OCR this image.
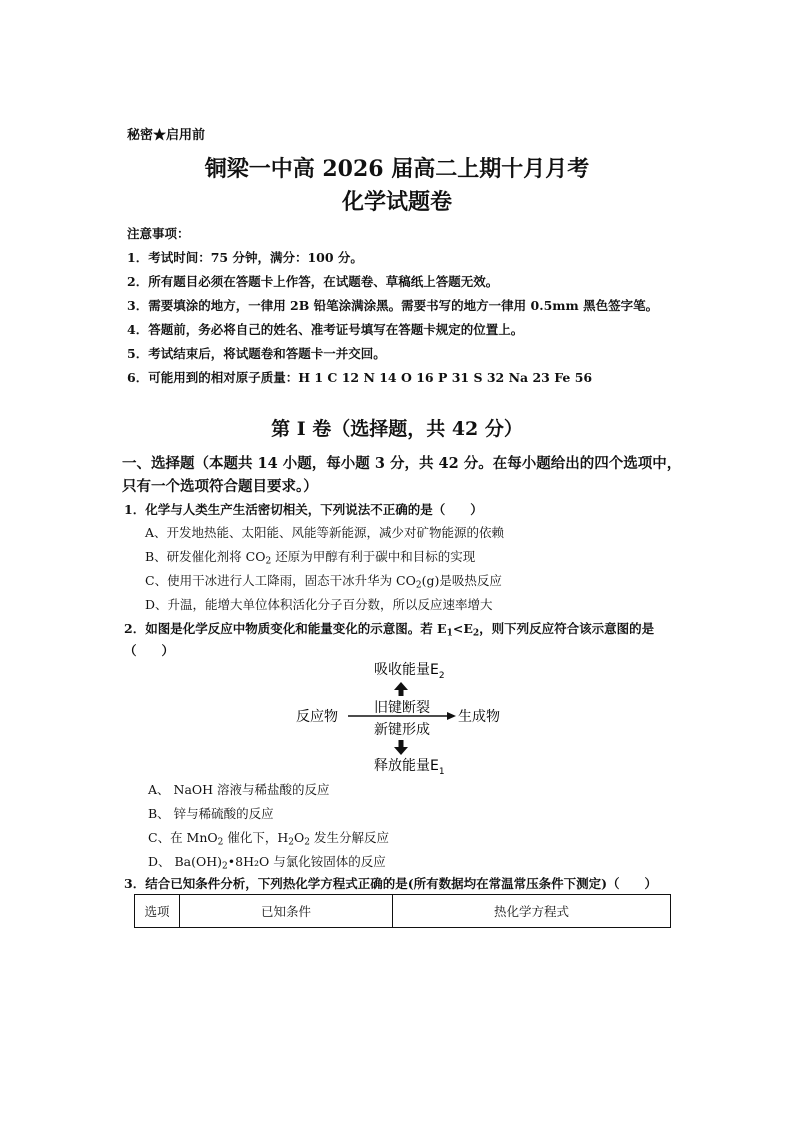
秘密★启用前
铜梁一中高 2026 届高二上期十月月考
化学试题卷
注意事项：
1．考试时间：75 分钟，满分：100 分。
2．所有题目必须在答题卡上作答，在试题卷、草稿纸上答题无效。
3．需要填涂的地方，一律用 2B 铅笔涂满涂黑。需要书写的地方一律用 0.5mm 黑色签字笔。
4．答题前，务必将自己的姓名、准考证号填写在答题卡规定的位置上。
5．考试结束后，将试题卷和答题卡一并交回。
6．可能用到的相对原子质量：H 1 C 12 N 14 O 16 P 31 S 32 Na 23 Fe 56
第 I 卷（选择题，共 42 分）
一、选择题（本题共 14 小题，每小题 3 分，共 42 分。在每小题给出的四个选项中，
只有一个选项符合题目要求。）
1．化学与人类生产生活密切相关，下列说法不正确的是（　　）
A、开发地热能、太阳能、风能等新能源，减少对矿物能源的依赖
B、研发催化剂将 $CO_2$ 还原为甲醇有利于碳中和目标的实现
C、使用干冰进行人工降雨，固态干冰升华为 $CO_2(g)$是吸热反应
D、升温，能增大单位体积活化分子百分数，所以反应速率增大
2．如图是化学反应中物质变化和能量变化的示意图。若 $E_1<E_2$，则下列反应符合该示意图的是
（　　）
吸收能量$E_2$
旧键断裂
反应物	生成物
新键形成
释放能量$E_1$
A、 NaOH 溶液与稀盐酸的反应
B、 锌与稀硫酸的反应
C、在 MnO$_2$ 催化下，$H_2O_2$ 发生分解反应
D、 $Ba(OH)_2•8H_2O$ 与氯化铵固体的反应
3．结合已知条件分析，下列热化学方程式正确的是(所有数据均在常温常压条件下测定)（　　）
选项	已知条件	热化学方程式
